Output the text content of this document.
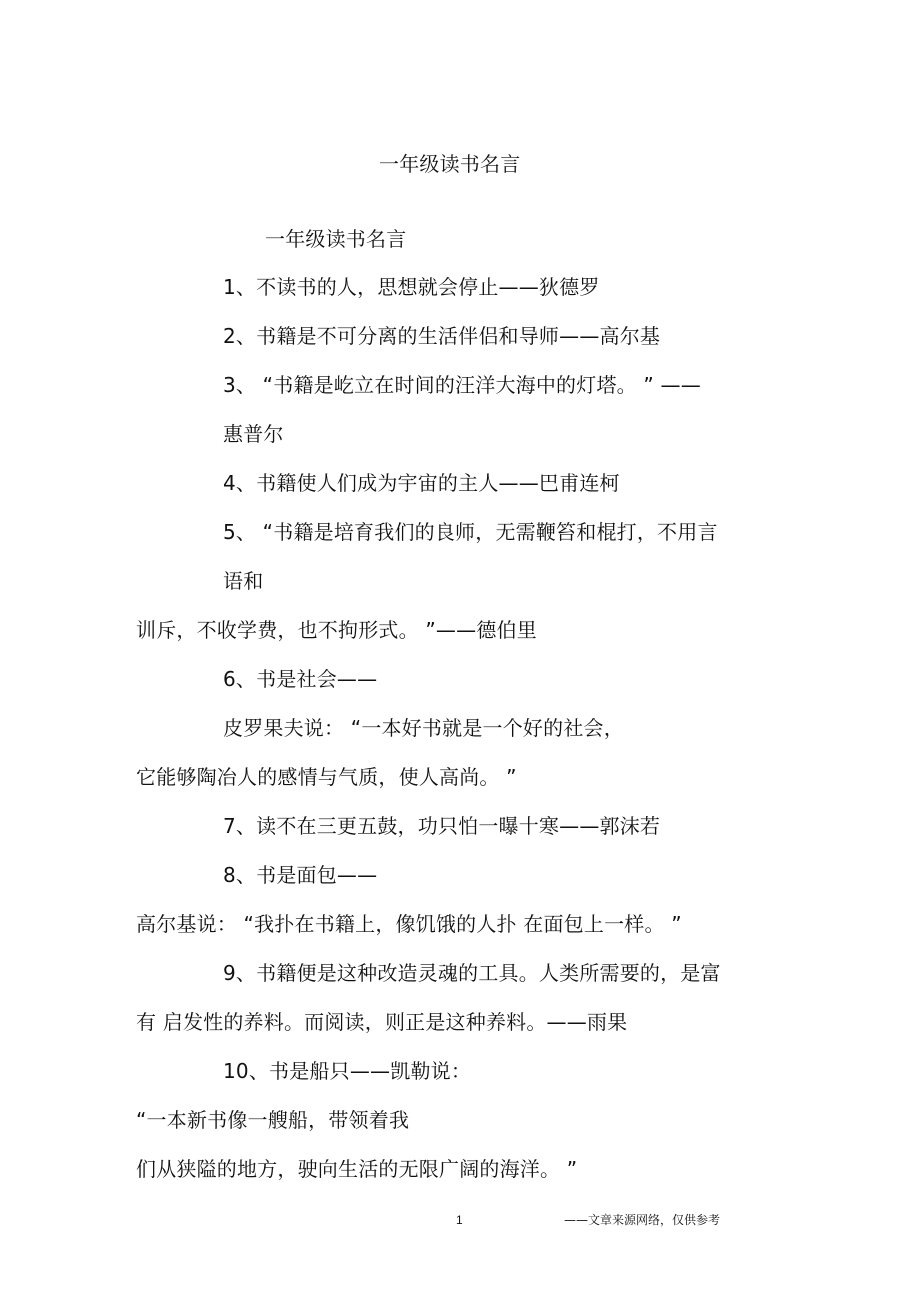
一年级读书名言
一年级读书名言
1、不读书的人，思想就会停止——狄德罗
2、书籍是不可分离的生活伴侣和导师——高尔基
3、 “书籍是屹立在时间的汪洋大海中的灯塔。 ” ——
惠普尔
4、书籍使人们成为宇宙的主人——巴甫连柯
5、 “书籍是培育我们的良师，无需鞭笞和棍打，不用言
语和
训斥，不收学费，也不拘形式。 ”——德伯里
6、书是社会——
皮罗果夫说： “一本好书就是一个好的社会，
它能够陶冶人的感情与气质，使人高尚。 ”
7、读不在三更五鼓，功只怕一曝十寒——郭沫若
8、书是面包——
高尔基说： “我扑在书籍上，像饥饿的人扑 在面包上一样。 ”
9、书籍便是这种改造灵魂的工具。人类所需要的，是富
有 启发性的养料。而阅读，则正是这种养料。——雨果
10、书是船只——凯勒说：
“一本新书像一艘船，带领着我
们从狭隘的地方，驶向生活的无限广阔的海洋。 ”
1	——文章来源网络，仅供参考
